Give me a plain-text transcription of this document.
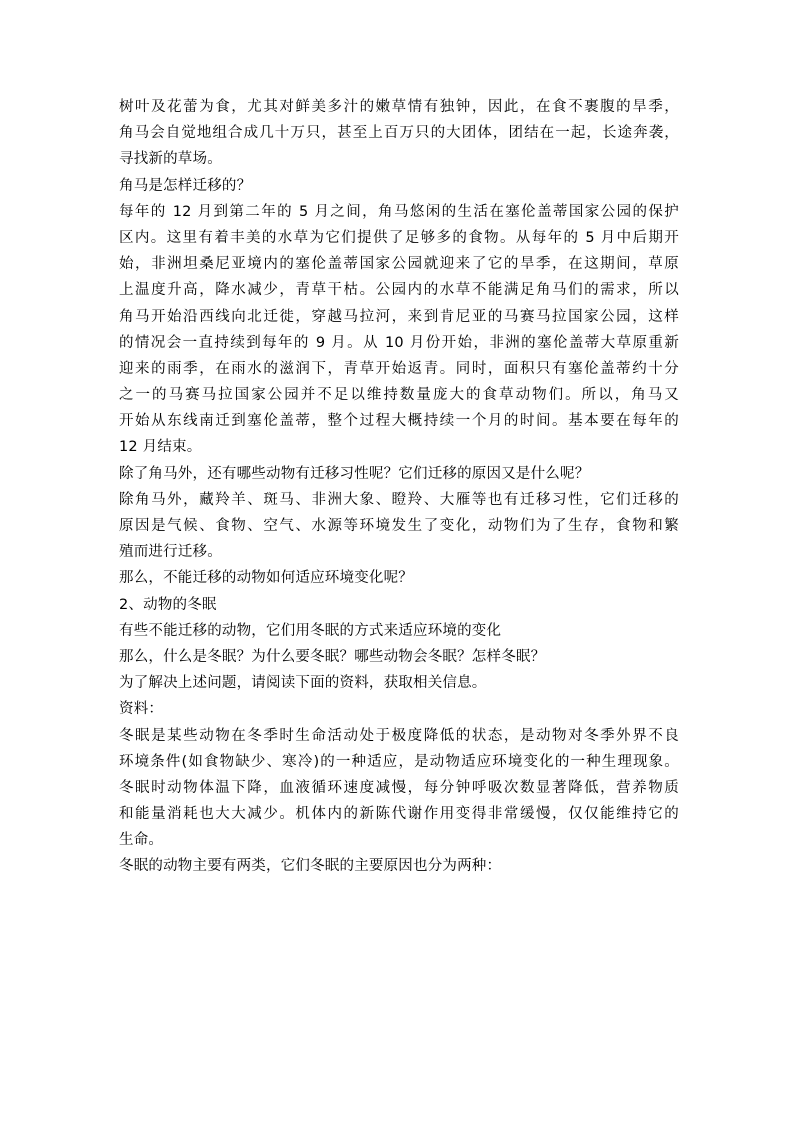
树叶及花蕾为食，尤其对鲜美多汁的嫩草情有独钟，因此，在食不裹腹的旱季，
角马会自觉地组合成几十万只，甚至上百万只的大团体，团结在一起，长途奔袭，
寻找新的草场。
角马是怎样迁移的？
每年的 12 月到第二年的 5 月之间，角马悠闲的生活在塞伦盖蒂国家公园的保护
区内。这里有着丰美的水草为它们提供了足够多的食物。从每年的 5 月中后期开
始，非洲坦桑尼亚境内的塞伦盖蒂国家公园就迎来了它的旱季，在这期间，草原
上温度升高，降水减少，青草干枯。公园内的水草不能满足角马们的需求，所以
角马开始沿西线向北迁徙，穿越马拉河，来到肯尼亚的马赛马拉国家公园，这样
的情况会一直持续到每年的 9 月。从 10 月份开始，非洲的塞伦盖蒂大草原重新
迎来的雨季，在雨水的滋润下，青草开始返青。同时，面积只有塞伦盖蒂约十分
之一的马赛马拉国家公园并不足以维持数量庞大的食草动物们。所以，角马又
开始从东线南迁到塞伦盖蒂，整个过程大概持续一个月的时间。基本要在每年的
12 月结束。
除了角马外，还有哪些动物有迁移习性呢？它们迁移的原因又是什么呢？
除角马外，藏羚羊、斑马、非洲大象、瞪羚、大雁等也有迁移习性，它们迁移的
原因是气候、食物、空气、水源等环境发生了变化，动物们为了生存，食物和繁
殖而进行迁移。
那么，不能迁移的动物如何适应环境变化呢？
2、动物的冬眠
有些不能迁移的动物，它们用冬眠的方式来适应环境的变化
那么，什么是冬眠？为什么要冬眠？哪些动物会冬眠？怎样冬眠？
为了解决上述问题，请阅读下面的资料，获取相关信息。
资料：
冬眠是某些动物在冬季时生命活动处于极度降低的状态，是动物对冬季外界不良
环境条件(如食物缺少、寒冷)的一种适应，是动物适应环境变化的一种生理现象。
冬眠时动物体温下降，血液循环速度减慢，每分钟呼吸次数显著降低，营养物质
和能量消耗也大大减少。机体内的新陈代谢作用变得非常缓慢，仅仅能维持它的
生命。
冬眠的动物主要有两类，它们冬眠的主要原因也分为两种：
